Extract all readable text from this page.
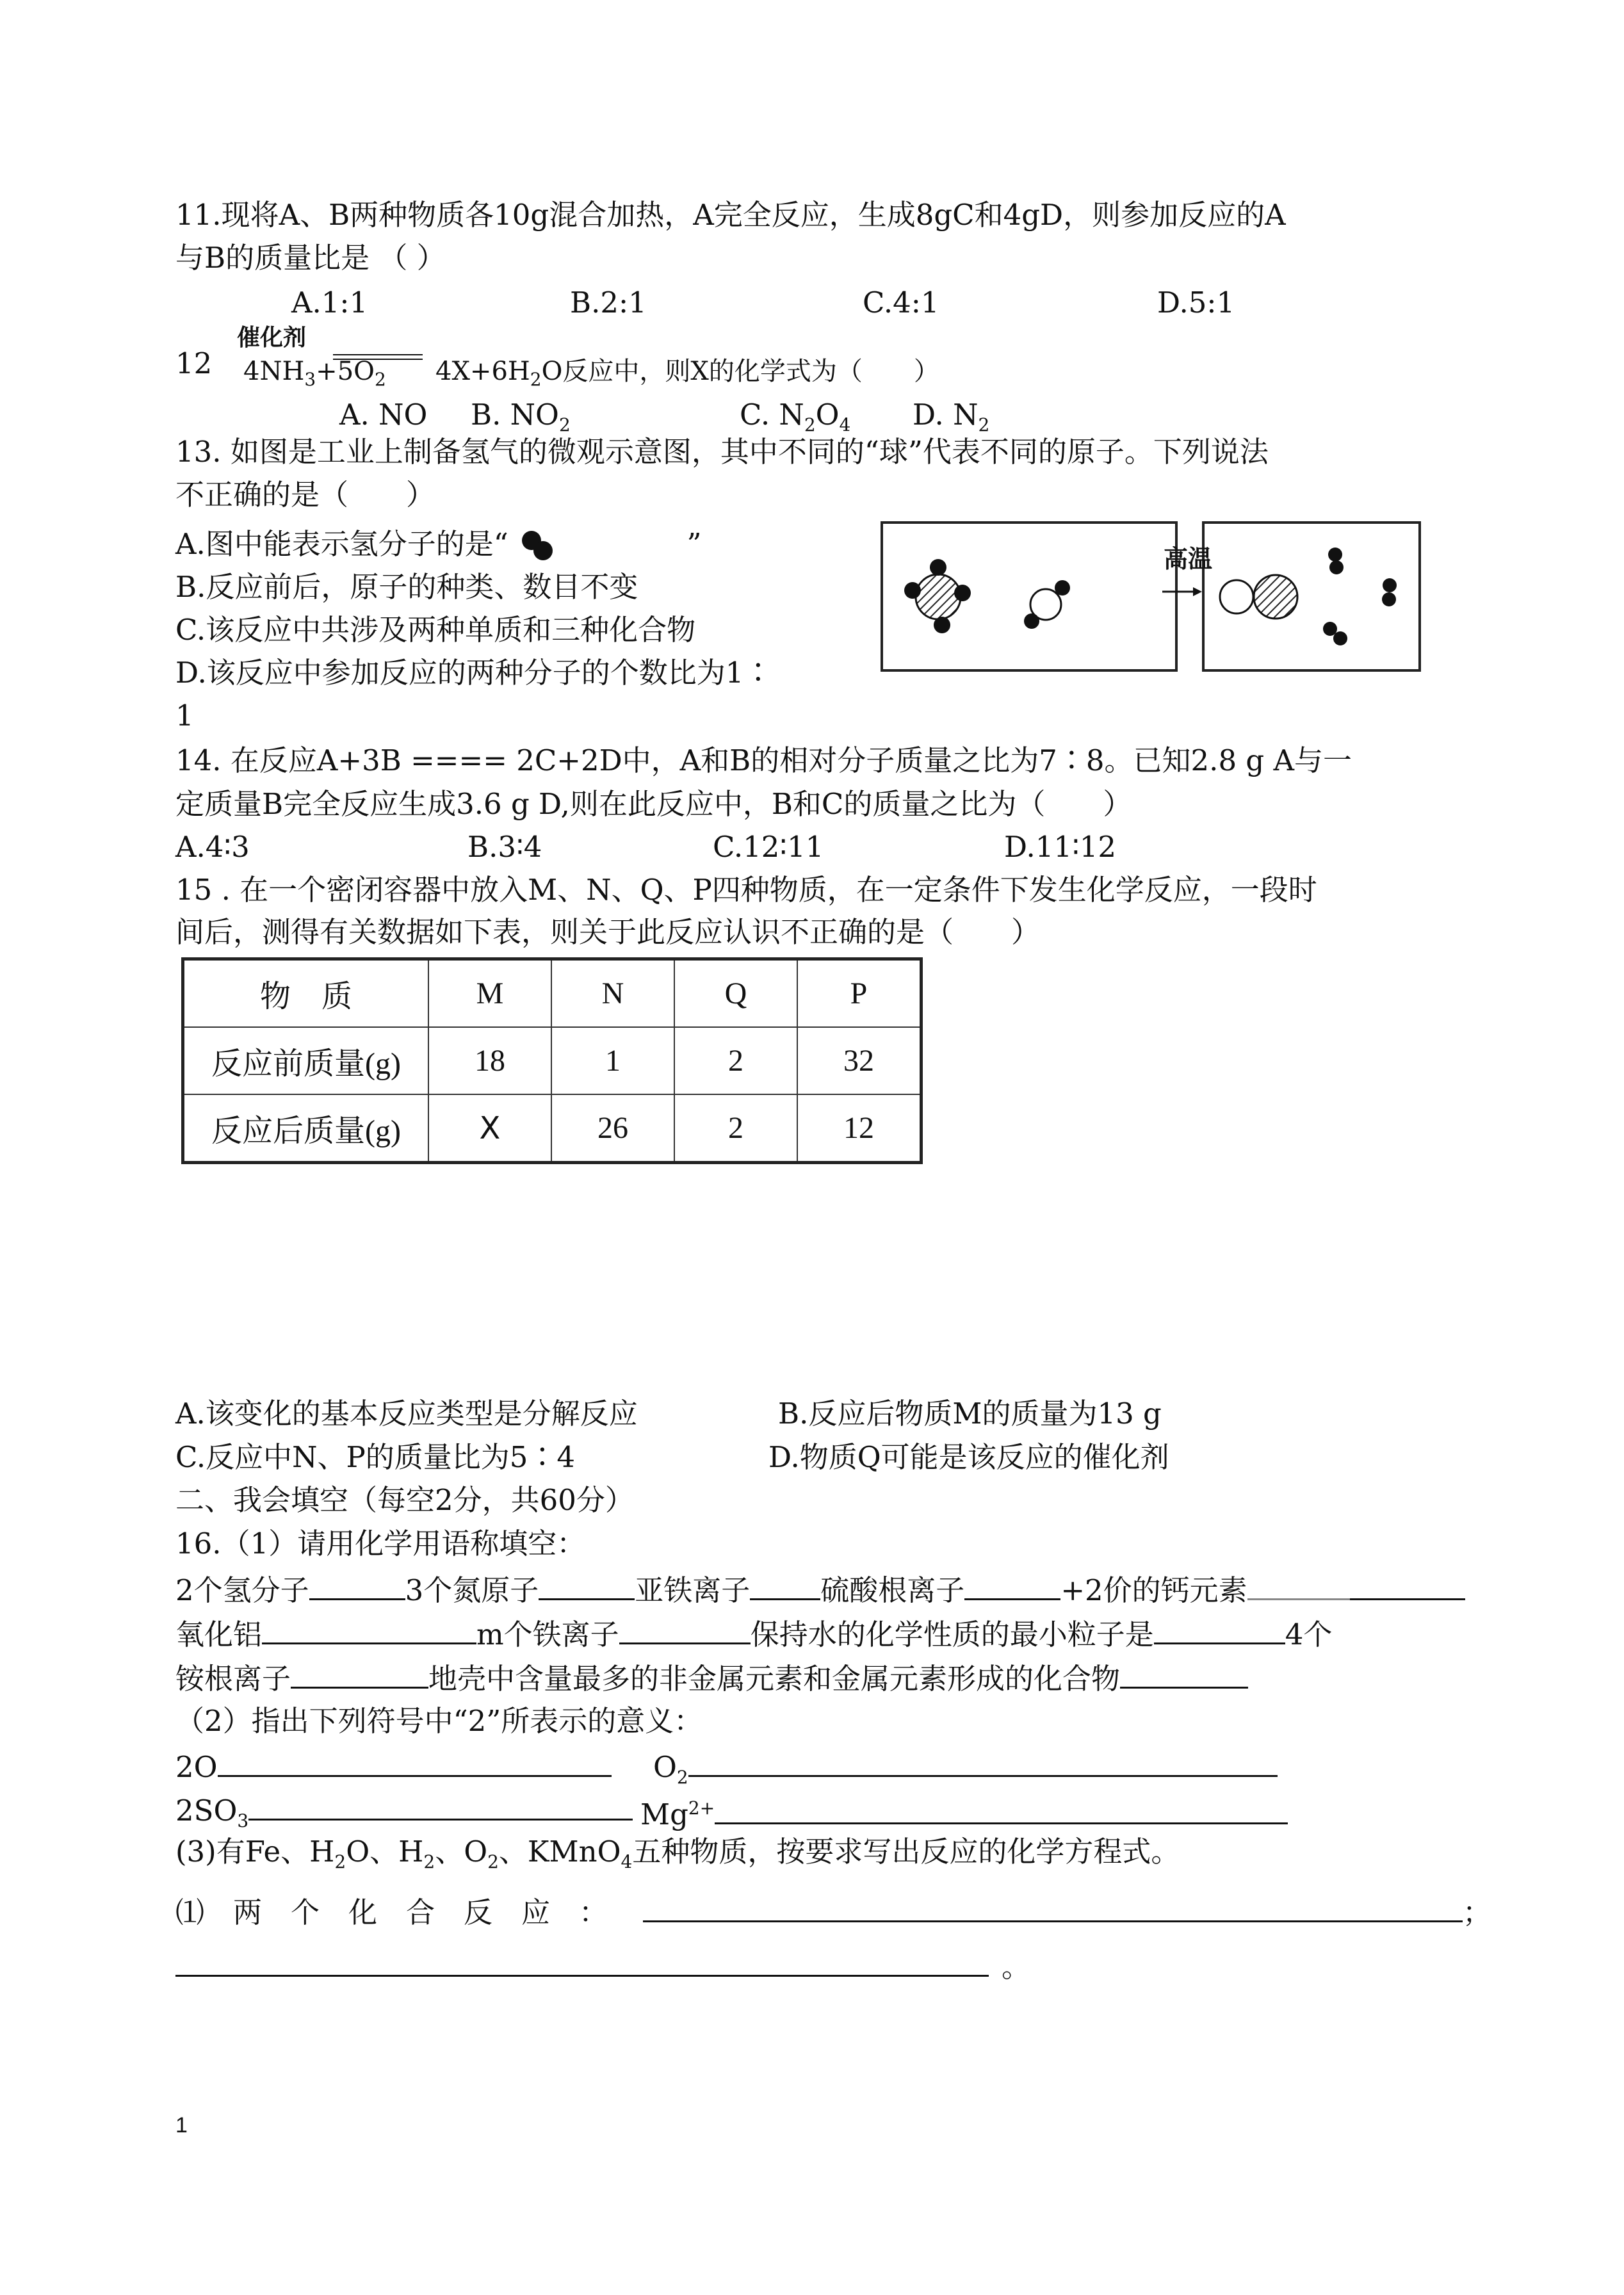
11.现将A、B两种物质各10g混合加热，A完全反应，生成8gC和4gD，则参加反应的A
与B的质量比是 （ ）
A.1:1	B.2:1	C.4:1	D.5:1
12
催化剂
$4NH_3+5O_2$ $4X+6H_2O$反应中，则X的化学式为（　　）
A. NO B. $NO_2$	C. $N_2O_4$ D. $N_2$
13. 如图是工业上制备氢气的微观示意图，其中不同的“球”代表不同的原子。下列说法
不正确的是（　　）
A.图中能表示氢分子的是“	”
B.反应前后，原子的种类、数目不变
C.该反应中共涉及两种单质和三种化合物
D.该反应中参加反应的两种分子的个数比为1∶
1
高温
14. 在反应A+3B ==== 2C+2D中，A和B的相对分子质量之比为7∶8。已知2.8 g A与一
定质量B完全反应生成3.6 g D,则在此反应中，B和C的质量之比为（　　）
A.4∶3	B.3∶4	C.12∶11	D.11∶12
15 . 在一个密闭容器中放入M、N、Q、P四种物质，在一定条件下发生化学反应，一段时
间后，测得有关数据如下表，则关于此反应认识不正确的是（　　）
物　质	M	N	Q	P
反应前质量(g)	18	1	2	32
反应后质量(g)	X	26	2	12
A.该变化的基本反应类型是分解反应	B.反应后物质M的质量为13 g
C.反应中N、P的质量比为5∶4	D.物质Q可能是该反应的催化剂
二、我会填空（每空2分，共60分）
16.（1）请用化学用语称填空：
2个氢分子	3个氮原子	亚铁离子 硫酸根离子	+2价的钙元素
氧化铝	m个铁离子	保持水的化学性质的最小粒子是	4个
铵根离子	地壳中含量最多的非金属元素和金属元素形成的化合物
（2）指出下列符号中“2”所表示的意义：
2O	$O_2$
$2SO_3$	$Mg^{2+}$
(3)有Fe、$H_2O$、$H_2$、$O_2$、KMnO$_4$五种物质，按要求写出反应的化学方程式。
⑴　两　个　化　合　反　应　：	；
。
1
